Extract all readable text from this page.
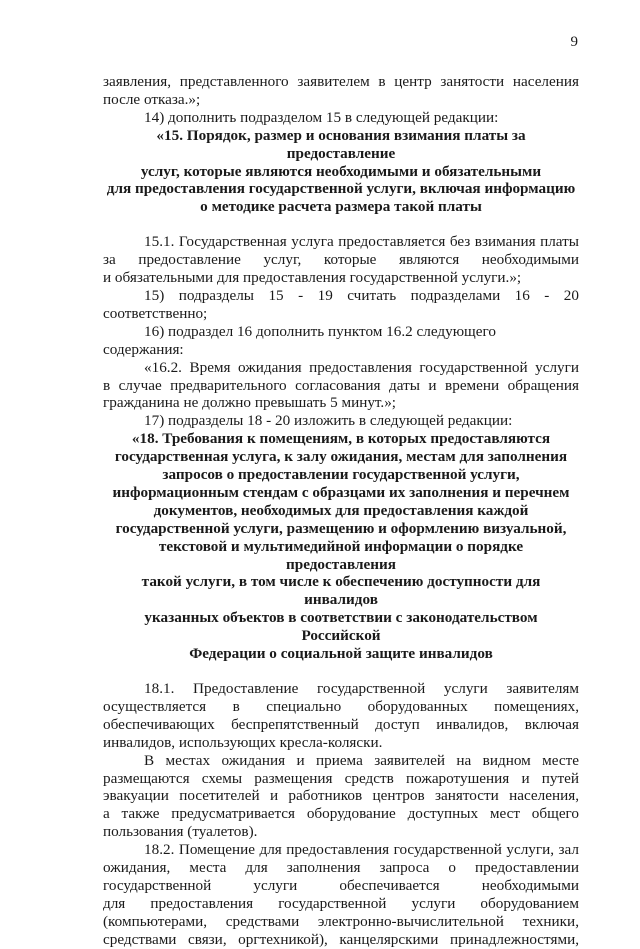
9

заявления, представленного заявителем в центр занятости населения

после отказа.»;

14) дополнить подразделом 15 в следующей редакции:

«15. Порядок, размер и основания взимания платы за предоставление

услуг, которые являются необходимыми и обязательными

для предоставления государственной услуги, включая информацию

о методике расчета размера такой платы

15.1. Государственная услуга предоставляется без взимания платы

за предоставление услуг, которые являются необходимыми

и обязательными для предоставления государственной услуги.»;

15) подразделы 15 - 19 считать подразделами 16 - 20

соответственно;

16) подраздел 16 дополнить пунктом 16.2 следующего содержания:

«16.2. Время ожидания предоставления государственной услуги

в случае предварительного согласования даты и времени обращения

гражданина не должно превышать 5 минут.»;

17) подразделы 18 - 20 изложить в следующей редакции:

«18. Требования к помещениям, в которых предоставляются

государственная услуга, к залу ожидания, местам для заполнения

запросов о предоставлении государственной услуги,

информационным стендам с образцами их заполнения и перечнем

документов, необходимых для предоставления каждой

государственной услуги, размещению и оформлению визуальной,

текстовой и мультимедийной информации о порядке предоставления

такой услуги, в том числе к обеспечению доступности для инвалидов

указанных объектов в соответствии с законодательством Российской

Федерации о социальной защите инвалидов

18.1. Предоставление государственной услуги заявителям

осуществляется в специально оборудованных помещениях,

обеспечивающих беспрепятственный доступ инвалидов, включая

инвалидов, использующих кресла-коляски.

В местах ожидания и приема заявителей на видном месте

размещаются схемы размещения средств пожаротушения и путей

эвакуации посетителей и работников центров занятости населения,

а также предусматривается оборудование доступных мест общего

пользования (туалетов).

18.2. Помещение для предоставления государственной услуги, зал

ожидания, места для заполнения запроса о предоставлении

государственной услуги обеспечивается необходимыми

для предоставления государственной услуги оборудованием

(компьютерами, средствами электронно-вычислительной техники,

средствами связи, оргтехникой), канцелярскими принадлежностями,
